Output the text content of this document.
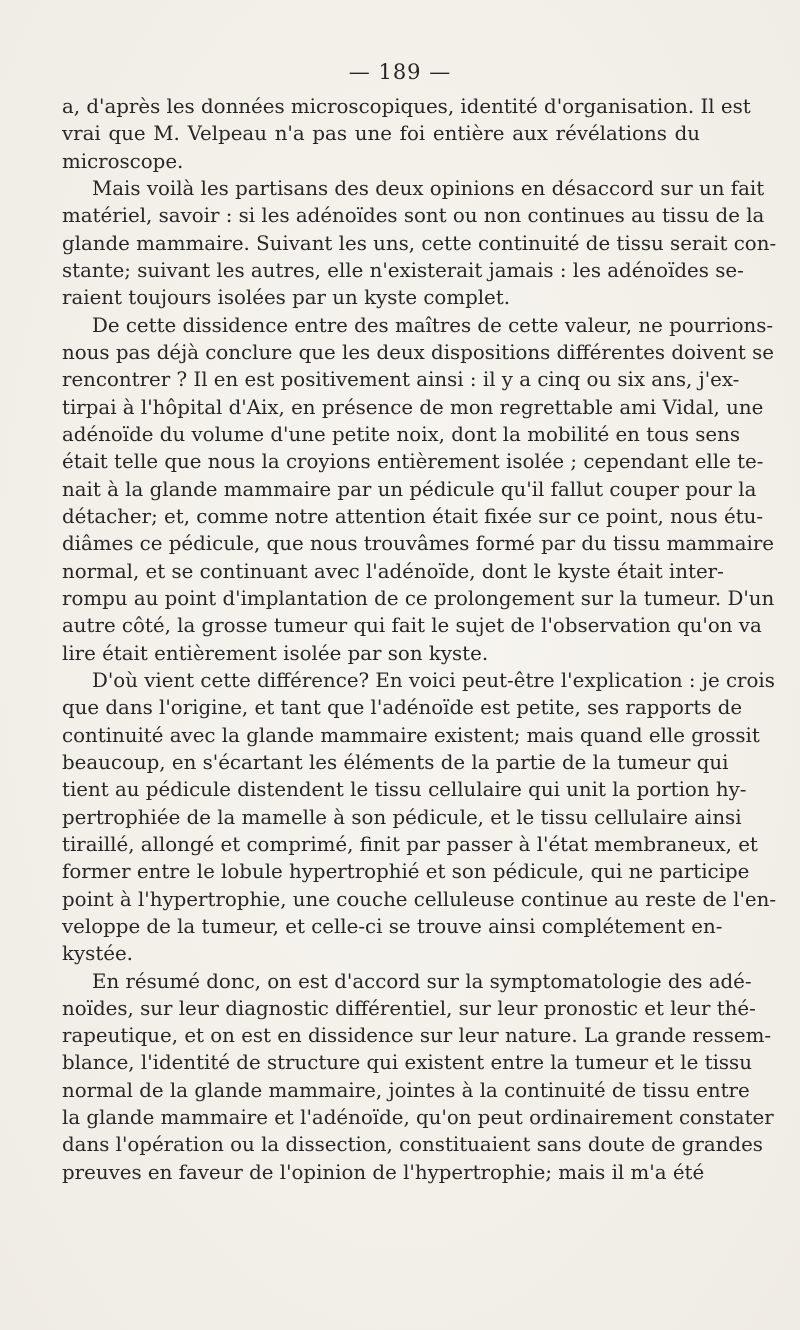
— 189 —
a, d'après les données microscopiques, identité d'organisation. Il est
vrai que M. Velpeau n'a pas une foi entière aux révélations du
microscope.
Mais voilà les partisans des deux opinions en désaccord sur un fait
matériel, savoir : si les adénoïdes sont ou non continues au tissu de la
glande mammaire. Suivant les uns, cette continuité de tissu serait con-
stante; suivant les autres, elle n'existerait jamais : les adénoïdes se-
raient toujours isolées par un kyste complet.
De cette dissidence entre des maîtres de cette valeur, ne pourrions-
nous pas déjà conclure que les deux dispositions différentes doivent se
rencontrer ? Il en est positivement ainsi : il y a cinq ou six ans, j'ex-
tirpai à l'hôpital d'Aix, en présence de mon regrettable ami Vidal, une
adénoïde du volume d'une petite noix, dont la mobilité en tous sens
était telle que nous la croyions entièrement isolée ; cependant elle te-
nait à la glande mammaire par un pédicule qu'il fallut couper pour la
détacher; et, comme notre attention était fixée sur ce point, nous étu-
diâmes ce pédicule, que nous trouvâmes formé par du tissu mammaire
normal, et se continuant avec l'adénoïde, dont le kyste était inter-
rompu au point d'implantation de ce prolongement sur la tumeur. D'un
autre côté, la grosse tumeur qui fait le sujet de l'observation qu'on va
lire était entièrement isolée par son kyste.
D'où vient cette différence? En voici peut-être l'explication : je crois
que dans l'origine, et tant que l'adénoïde est petite, ses rapports de
continuité avec la glande mammaire existent; mais quand elle grossit
beaucoup, en s'écartant les éléments de la partie de la tumeur qui
tient au pédicule distendent le tissu cellulaire qui unit la portion hy-
pertrophiée de la mamelle à son pédicule, et le tissu cellulaire ainsi
tiraillé, allongé et comprimé, finit par passer à l'état membraneux, et
former entre le lobule hypertrophié et son pédicule, qui ne participe
point à l'hypertrophie, une couche celluleuse continue au reste de l'en-
veloppe de la tumeur, et celle-ci se trouve ainsi complétement en-
kystée.
En résumé donc, on est d'accord sur la symptomatologie des adé-
noïdes, sur leur diagnostic différentiel, sur leur pronostic et leur thé-
rapeutique, et on est en dissidence sur leur nature. La grande ressem-
blance, l'identité de structure qui existent entre la tumeur et le tissu
normal de la glande mammaire, jointes à la continuité de tissu entre
la glande mammaire et l'adénoïde, qu'on peut ordinairement constater
dans l'opération ou la dissection, constituaient sans doute de grandes
preuves en faveur de l'opinion de l'hypertrophie; mais il m'a été
